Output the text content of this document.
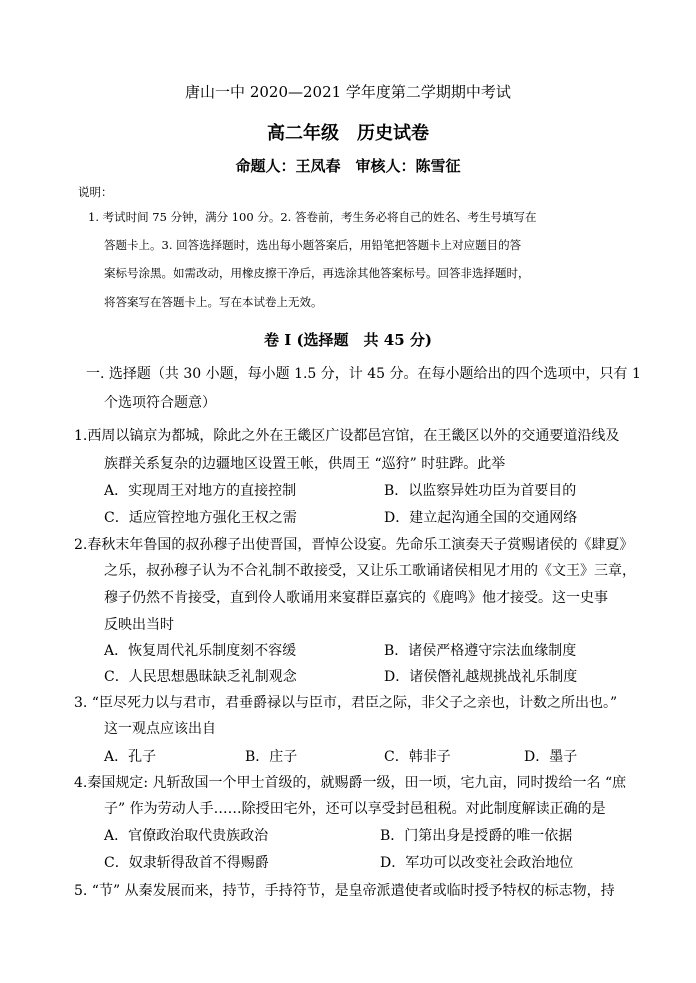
唐山一中 2020—2021 学年度第二学期期中考试
高二年级　历史试卷
命题人：王凤春　审核人：陈雪征
说明：
1. 考试时间 75 分钟，满分 100 分。2. 答卷前，考生务必将自己的姓名、考生号填写在
答题卡上。3. 回答选择题时，选出每小题答案后，用铅笔把答题卡上对应题目的答
案标号涂黑。如需改动，用橡皮擦干净后，再选涂其他答案标号。回答非选择题时，
将答案写在答题卡上。写在本试卷上无效。
卷 I (选择题　共 45 分)
一. 选择题（共 30 小题，每小题 1.5 分，计 45 分。在每小题给出的四个选项中，只有 1
个选项符合题意）
1.西周以镐京为都城，除此之外在王畿区广设都邑宫馆，在王畿区以外的交通要道沿线及
族群关系复杂的边疆地区设置王帐，供周王 “巡狩” 时驻跸。此举
A．实现周王对地方的直接控制	B．以监察异姓功臣为首要目的
C．适应管控地方强化王权之需	D．建立起沟通全国的交通网络
2.春秋末年鲁国的叔孙穆子出使晋国，晋悼公设宴。先命乐工演奏天子赏赐诸侯的《肆夏》
之乐，叔孙穆子认为不合礼制不敢接受，又让乐工歌诵诸侯相见才用的《文王》三章，
穆子仍然不肯接受，直到伶人歌诵用来宴群臣嘉宾的《鹿鸣》他才接受。这一史事
反映出当时
A．恢复周代礼乐制度刻不容缓	B．诸侯严格遵守宗法血缘制度
C．人民思想愚昧缺乏礼制观念	D．诸侯僭礼越规挑战礼乐制度
3. “臣尽死力以与君市，君垂爵禄以与臣市，君臣之际，非父子之亲也，计数之所出也。”
这一观点应该出自
A．孔子	B．庄子	C．韩非子	D．墨子
4.秦国规定: 凡斩敌国一个甲士首级的，就赐爵一级，田一顷，宅九亩，同时拨给一名 “庶
子” 作为劳动人手……除授田宅外，还可以享受封邑租税。对此制度解读正确的是
A．官僚政治取代贵族政治	B．门第出身是授爵的唯一依据
C．奴隶斩得敌首不得赐爵	D．军功可以改变社会政治地位
5. “节” 从秦发展而来，持节，手持符节，是皇帝派遣使者或临时授予特权的标志物，持
